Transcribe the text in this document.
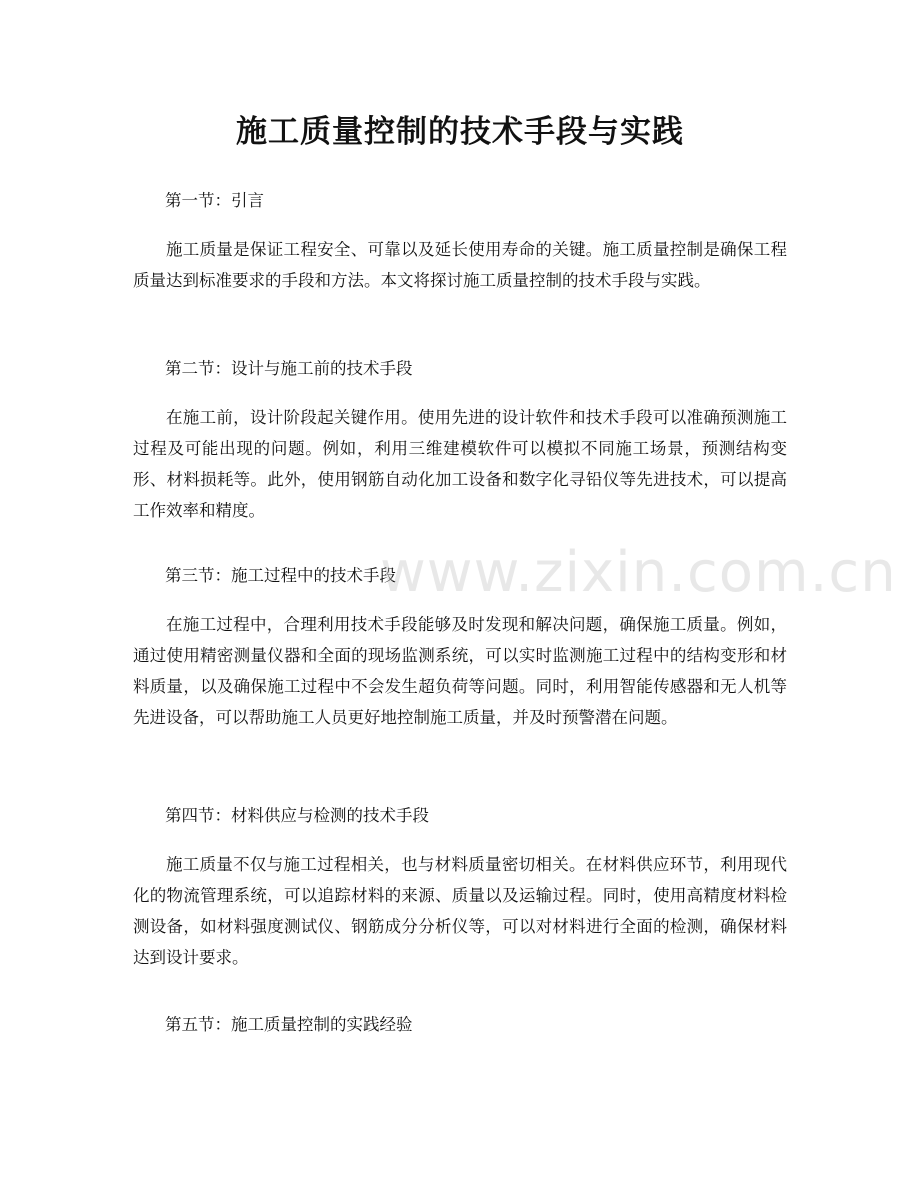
施工质量控制的技术手段与实践
第一节：引言

施工质量是保证工程安全、可靠以及延长使用寿命的关键。施工质量控制是确保工程质量达到标准要求的手段和方法。本文将探讨施工质量控制的技术手段与实践。

第二节：设计与施工前的技术手段

在施工前，设计阶段起关键作用。使用先进的设计软件和技术手段可以准确预测施工过程及可能出现的问题。例如，利用三维建模软件可以模拟不同施工场景，预测结构变形、材料损耗等。此外，使用钢筋自动化加工设备和数字化寻铅仪等先进技术，可以提高工作效率和精度。

第三节：施工过程中的技术手段

在施工过程中，合理利用技术手段能够及时发现和解决问题，确保施工质量。例如，通过使用精密测量仪器和全面的现场监测系统，可以实时监测施工过程中的结构变形和材料质量，以及确保施工过程中不会发生超负荷等问题。同时，利用智能传感器和无人机等先进设备，可以帮助施工人员更好地控制施工质量，并及时预警潜在问题。

第四节：材料供应与检测的技术手段

施工质量不仅与施工过程相关，也与材料质量密切相关。在材料供应环节，利用现代化的物流管理系统，可以追踪材料的来源、质量以及运输过程。同时，使用高精度材料检测设备，如材料强度测试仪、钢筋成分分析仪等，可以对材料进行全面的检测，确保材料达到设计要求。

第五节：施工质量控制的实践经验
www.zixin.com.cn
